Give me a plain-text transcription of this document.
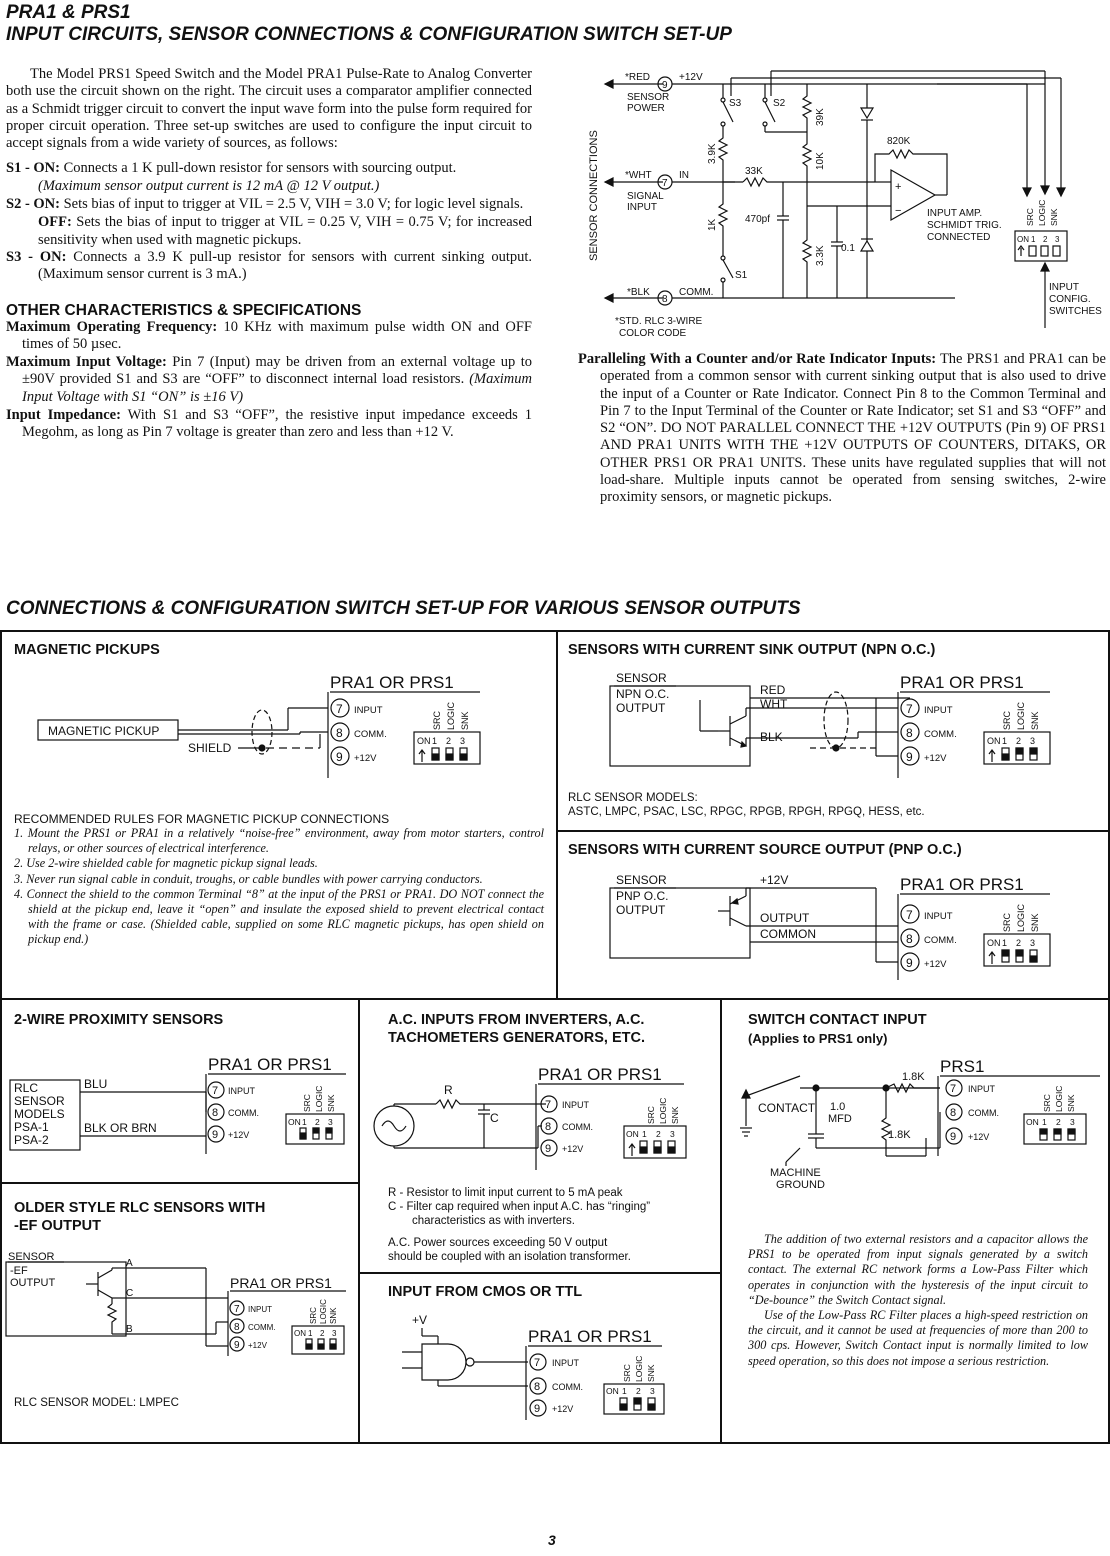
PRA1 & PRS1
INPUT CIRCUITS, SENSOR CONNECTIONS & CONFIGURATION SWITCH SET-UP

The Model PRS1 Speed Switch and the Model PRA1 Pulse-Rate to Analog Converter both use the circuit shown on the right. The circuit uses a comparator amplifier connected as a Schmidt trigger circuit to convert the input wave form into the pulse form required for proper circuit operation. Three set-up switches are used to configure the input circuit to accept signals from a wide variety of sources, as follows:

S1 - ON: Connects a 1 K pull-down resistor for sensors with sourcing output.
(Maximum sensor output current is 12 mA @ 12 V output.)

S2 - ON: Sets bias of input to trigger at VIL = 2.5 V, VIH = 3.0 V; for logic level signals.

OFF: Sets the bias of input to trigger at VIL = 0.25 V, VIH = 0.75 V; for increased sensitivity when used with magnetic pickups.

S3 - ON: Connects a 3.9 K pull-up resistor for sensors with current sinking output. (Maximum sensor current is 3 mA.)

OTHER CHARACTERISTICS & SPECIFICATIONS

Maximum Operating Frequency: 10 KHz with maximum pulse width ON and OFF times of 50 µsec.

Maximum Input Voltage: Pin 7 (Input) may be driven from an external voltage up to ±90V provided S1 and S3 are “OFF” to disconnect internal load resistors. (Maximum Input Voltage with S1 “ON” is ±16 V)

Input Impedance: With S1 and S3 “OFF”, the resistive input impedance exceeds 1 Megohm, as long as Pin 7 voltage is greater than zero and less than +12 V.

SENSOR CONNECTIONS
*RED
SENSOR
POWER
*WHT
SIGNAL
INPUT
*BLK
*STD. RLC 3-WIRE
COLOR CODE
9
7
8
+12V
IN
COMM.
S3
3.9K
1K
S1
33K
470pf
S2
39K
10K
3.3K 0.1
+
−
820K
INPUT AMP.
SCHMIDT TRIG.
CONNECTED
SRC LOGIC SNK
ON 1 2 3
INPUT
CONFIG.
SWITCHES
Paralleling With a Counter and/or Rate Indicator Inputs: The PRS1 and PRA1 can be operated from a common sensor with current sinking output that is also used to drive the input of a Counter or Rate Indicator. Connect Pin 8 to the Common Terminal and Pin 7 to the Input Terminal of the Counter or Rate Indicator; set S1 and S3 “OFF” and S2 “ON”. DO NOT PARALLEL CONNECT THE +12V OUTPUTS (Pin 9) OF PRS1 AND PRA1 UNITS WITH THE +12V OUTPUTS OF COUNTERS, DITAKS, OR OTHER PRS1 OR PRA1 UNITS. These units have regulated supplies that will not load-share. Multiple inputs cannot be operated from sensing switches, 2-wire proximity sensors, or magnetic pickups.
CONNECTIONS & CONFIGURATION SWITCH SET-UP FOR VARIOUS SENSOR OUTPUTS
MAGNETIC PICKUPS
MAGNETIC PICKUP
SHIELD
PRA1 OR PRS1
7
8
9
INPUT
COMM.
+12V
SRC LOGIC SNK
ON 1 2 3
RECOMMENDED RULES FOR MAGNETIC PICKUP CONNECTIONS

1. Mount the PRS1 or PRA1 in a relatively “noise-free” environment, away from motor starters, control relays, or other sources of electrical interference.

2. Use 2-wire shielded cable for magnetic pickup signal leads.

3. Never run signal cable in conduit, troughs, or cable bundles with power carrying conductors.

4. Connect the shield to the common Terminal “8” at the input of the PRS1 or PRA1. DO NOT connect the shield at the pickup end, leave it “open” and insulate the exposed shield to prevent electrical contact with the frame or case. (Shielded cable, supplied on some RLC magnetic pickups, has open shield on pickup end.)

SENSORS WITH CURRENT SINK OUTPUT (NPN O.C.)
SENSOR
NPN O.C.
OUTPUT
RED
WHT
BLK
PRA1 OR PRS1
7
8
9
INPUT
COMM.
+12V
SRC LOGIC SNK
ON 1 2 3
RLC SENSOR MODELS:
ASTC, LMPC, PSAC, LSC, RPGC, RPGB, RPGH, RPGQ, HESS, etc.
SENSORS WITH CURRENT SOURCE OUTPUT (PNP O.C.)
SENSOR
PNP O.C.
OUTPUT
+12V
OUTPUT
COMMON
PRA1 OR PRS1
7
8
9
INPUT
COMM.
+12V
SRC LOGIC SNK
ON 1 2 3
2-WIRE PROXIMITY SENSORS
RLC
SENSOR
MODELS
PSA-1
PSA-2
BLU
BLK OR BRN
PRA1 OR PRS1
7
8
9
INPUT
COMM.
+12V
SRC LOGIC SNK
ON 1 2 3
OLDER STYLE RLC SENSORS WITH
-EF OUTPUT
SENSOR
-EF
OUTPUT
A
C
B
PRA1 OR PRS1
7
8
9
INPUT
COMM.
+12V
SRC LOGIC SNK
ON 1 2 3
RLC SENSOR MODEL: LMPEC
A.C. INPUTS FROM INVERTERS, A.C.
TACHOMETERS GENERATORS, ETC.
R
C
PRA1 OR PRS1
7
8
9
INPUT
COMM.
+12V
SRC LOGIC SNK
ON 1 2 3
R - Resistor to limit input current to 5 mA peak
C - Filter cap required when input A.C. has “ringing”
characteristics as with inverters.
A.C. Power sources exceeding 50 V output
should be coupled with an isolation transformer.
INPUT FROM CMOS OR TTL
+V
PRA1 OR PRS1
7
8
9
INPUT
COMM.
+12V
SRC LOGIC SNK
ON 1 2 3
SWITCH CONTACT INPUT
(Applies to PRS1 only)
CONTACT 1.0
MFD
1.8K
1.8K
MACHINE
GROUND
PRS1
7
8
9
INPUT
COMM.
+12V
SRC LOGIC SNK
ON 1 2 3

The addition of two external resistors and a capacitor allows the PRS1 to be operated from input signals generated by a switch contact. The external RC network forms a Low-Pass Filter which operates in conjunction with the hysteresis of the input circuit to “De-bounce” the Switch Contact signal.

Use of the Low-Pass RC Filter places a high-speed restriction on the circuit, and it cannot be used at frequencies of more than 200 to 300 cps. However, Switch Contact input is normally limited to low speed operation, so this does not impose a serious restriction.

3
